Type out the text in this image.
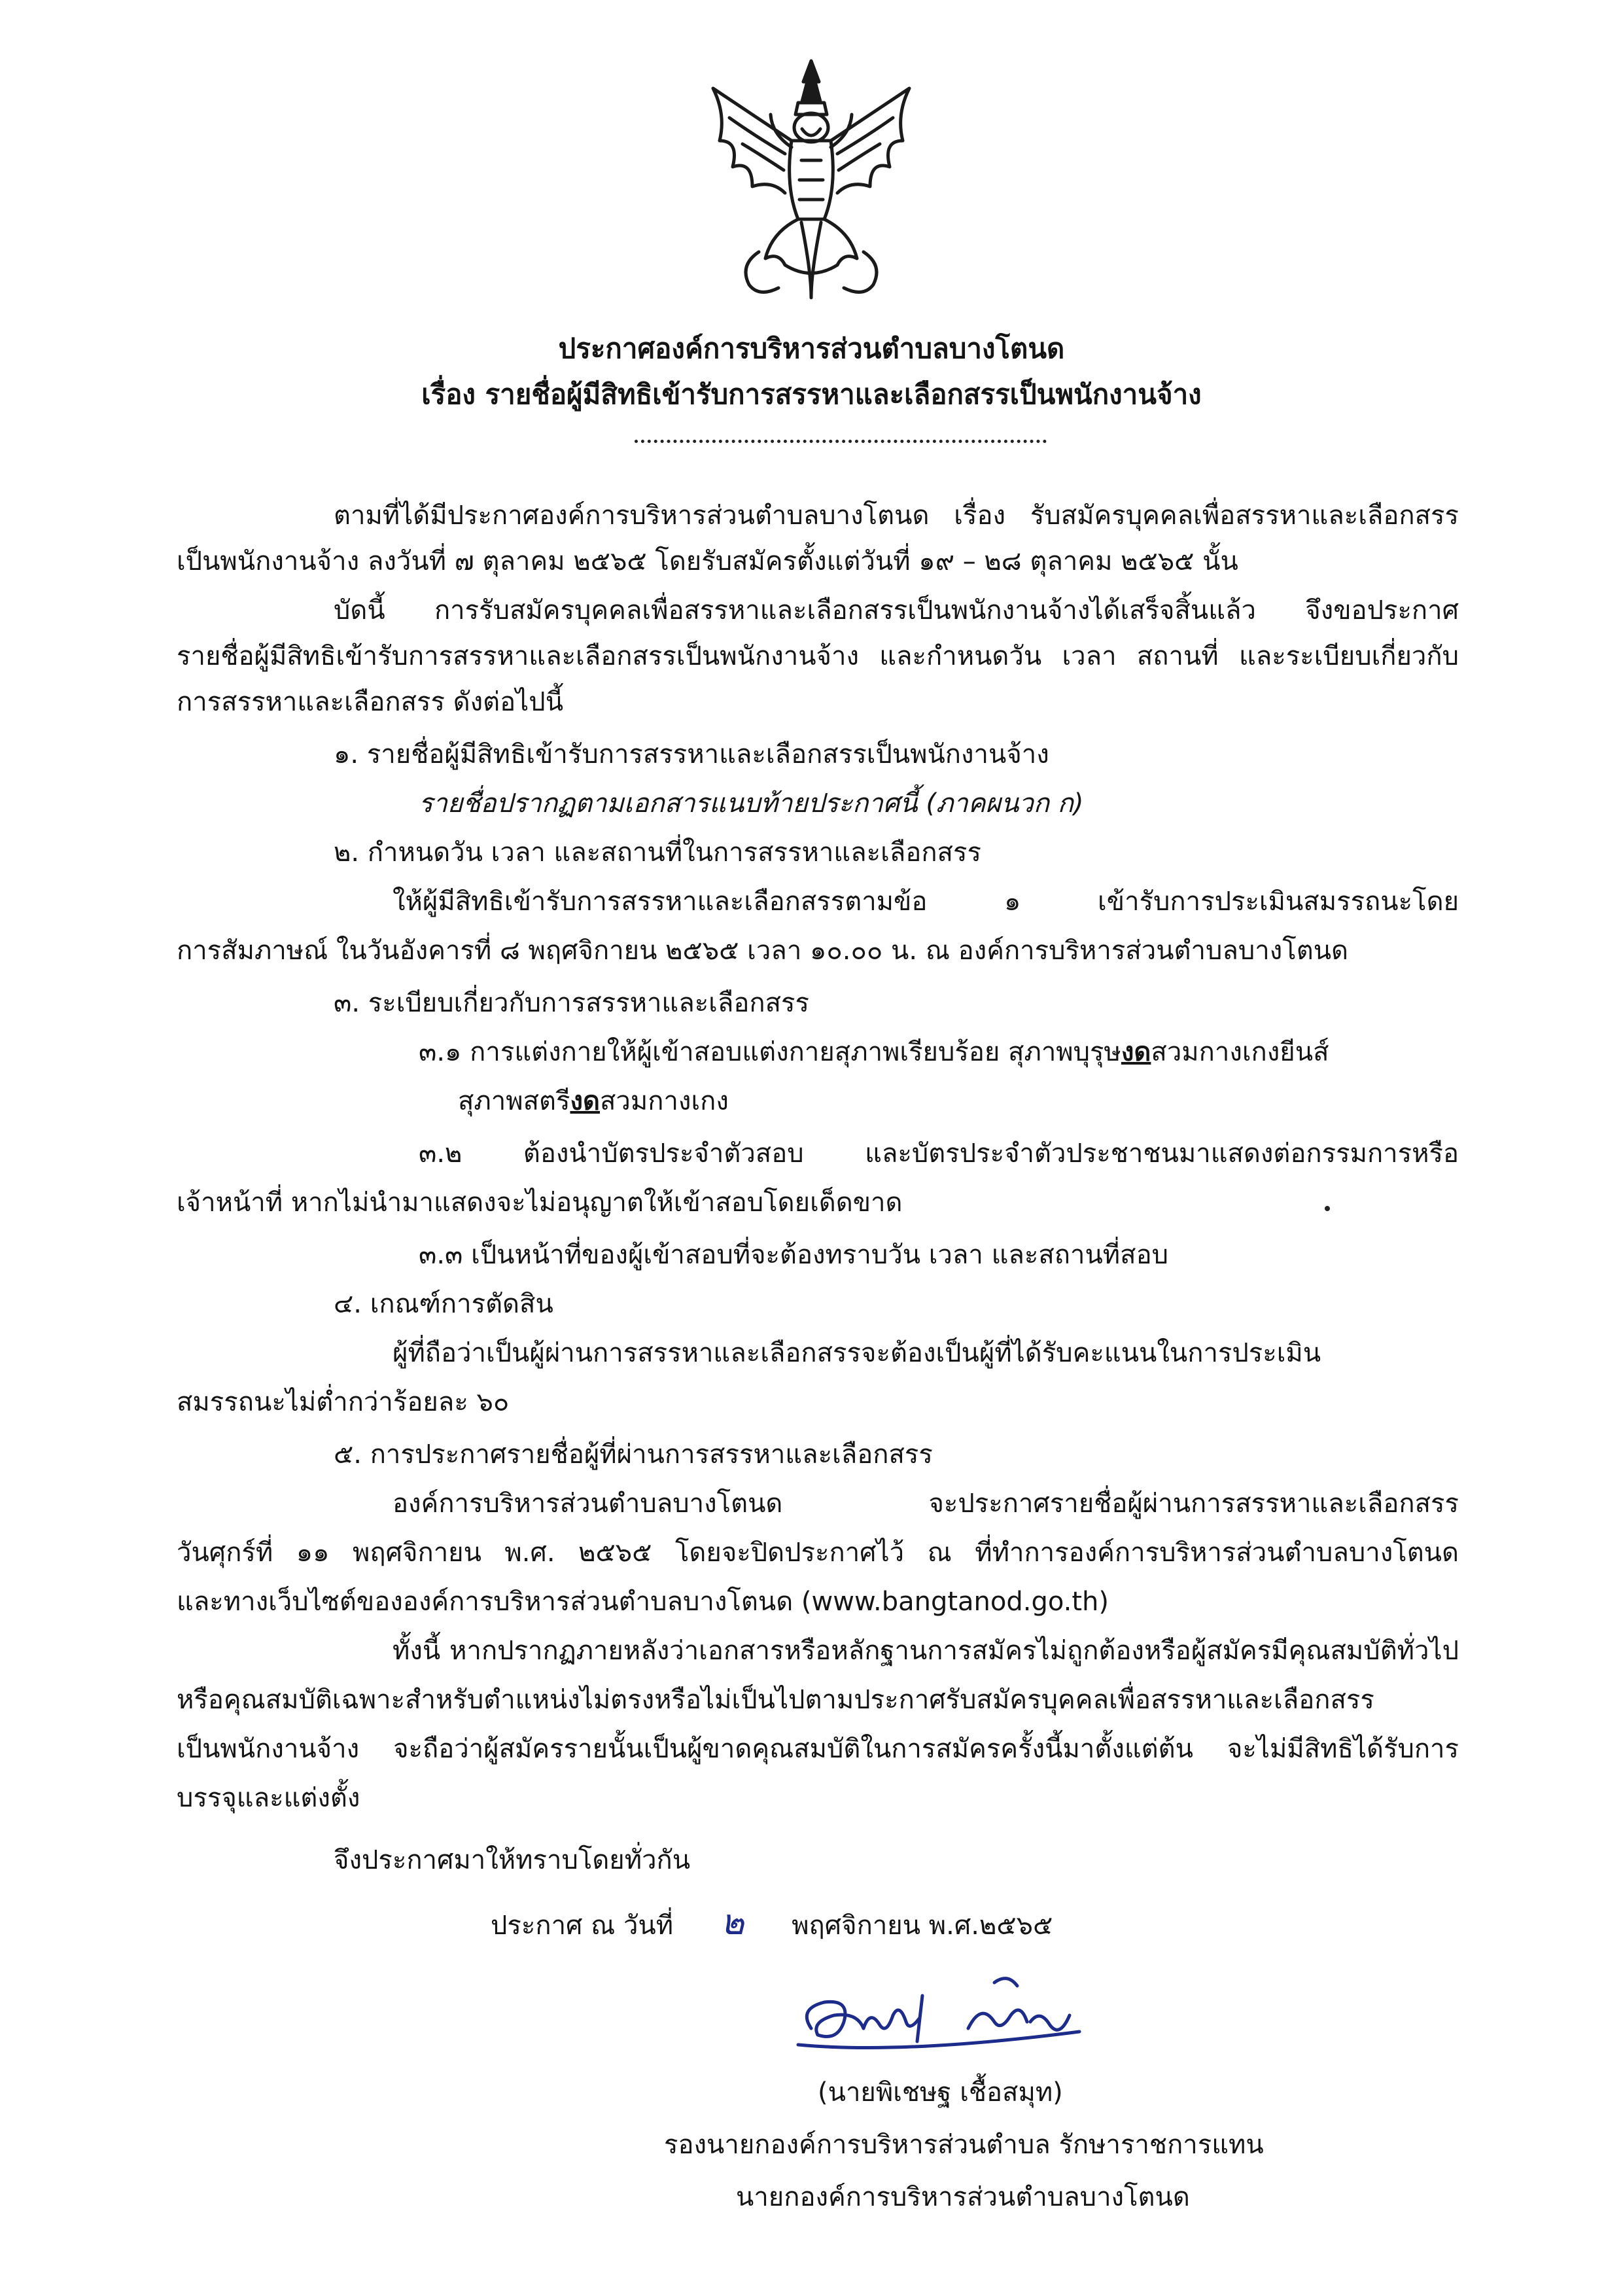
ประกาศองค์การบริหารส่วนตำบลบางโตนด
เรื่อง รายชื่อผู้มีสิทธิเข้ารับการสรรหาและเลือกสรรเป็นพนักงานจ้าง
ตามที่ได้มีประกาศองค์การบริหารส่วนตำบลบางโตนด เรื่อง รับสมัครบุคคลเพื่อสรรหาและเลือกสรร
เป็นพนักงานจ้าง ลงวันที่ ๗ ตุลาคม ๒๕๖๕ โดยรับสมัครตั้งแต่วันที่ ๑๙ – ๒๘ ตุลาคม ๒๕๖๕ นั้น
บัดนี้ การรับสมัครบุคคลเพื่อสรรหาและเลือกสรรเป็นพนักงานจ้างได้เสร็จสิ้นแล้ว จึงขอประกาศ
รายชื่อผู้มีสิทธิเข้ารับการสรรหาและเลือกสรรเป็นพนักงานจ้าง และกำหนดวัน เวลา สถานที่ และระเบียบเกี่ยวกับ
การสรรหาและเลือกสรร ดังต่อไปนี้
๑. รายชื่อผู้มีสิทธิเข้ารับการสรรหาและเลือกสรรเป็นพนักงานจ้าง
รายชื่อปรากฏตามเอกสารแนบท้ายประกาศนี้ (ภาคผนวก ก)
๒. กำหนดวัน เวลา และสถานที่ในการสรรหาและเลือกสรร
ให้ผู้มีสิทธิเข้ารับการสรรหาและเลือกสรรตามข้อ ๑ เข้ารับการประเมินสมรรถนะโดย
การสัมภาษณ์ ในวันอังคารที่ ๘ พฤศจิกายน ๒๕๖๕ เวลา ๑๐.๐๐ น. ณ องค์การบริหารส่วนตำบลบางโตนด
๓. ระเบียบเกี่ยวกับการสรรหาและเลือกสรร
๓.๑ การแต่งกายให้ผู้เข้าสอบแต่งกายสุภาพเรียบร้อย สุภาพบุรุษงดสวมกางเกงยีนส์
สุภาพสตรีงดสวมกางเกง
๓.๒ ต้องนำบัตรประจำตัวสอบ และบัตรประจำตัวประชาชนมาแสดงต่อกรรมการหรือ
เจ้าหน้าที่ หากไม่นำมาแสดงจะไม่อนุญาตให้เข้าสอบโดยเด็ดขาด
๓.๓ เป็นหน้าที่ของผู้เข้าสอบที่จะต้องทราบวัน เวลา และสถานที่สอบ
๔. เกณฑ์การตัดสิน
ผู้ที่ถือว่าเป็นผู้ผ่านการสรรหาและเลือกสรรจะต้องเป็นผู้ที่ได้รับคะแนนในการประเมิน
สมรรถนะไม่ต่ำกว่าร้อยละ ๖๐
๕. การประกาศรายชื่อผู้ที่ผ่านการสรรหาและเลือกสรร
องค์การบริหารส่วนตำบลบางโตนด จะประกาศรายชื่อผู้ผ่านการสรรหาและเลือกสรร
วันศุกร์ที่ ๑๑ พฤศจิกายน พ.ศ. ๒๕๖๕ โดยจะปิดประกาศไว้ ณ ที่ทำการองค์การบริหารส่วนตำบลบางโตนด
และทางเว็บไซต์ขององค์การบริหารส่วนตำบลบางโตนด (www.bangtanod.go.th)
ทั้งนี้ หากปรากฏภายหลังว่าเอกสารหรือหลักฐานการสมัครไม่ถูกต้องหรือผู้สมัครมีคุณสมบัติทั่วไป
หรือคุณสมบัติเฉพาะสำหรับตำแหน่งไม่ตรงหรือไม่เป็นไปตามประกาศรับสมัครบุคคลเพื่อสรรหาและเลือกสรร
เป็นพนักงานจ้าง จะถือว่าผู้สมัครรายนั้นเป็นผู้ขาดคุณสมบัติในการสมัครครั้งนี้มาตั้งแต่ต้น จะไม่มีสิทธิได้รับการ
บรรจุและแต่งตั้ง
จึงประกาศมาให้ทราบโดยทั่วกัน
ประกาศ ณ วันที่ ๒ พฤศจิกายน พ.ศ.๒๕๖๕
(นายพิเชษฐ เชื้อสมุท)
รองนายกองค์การบริหารส่วนตำบล รักษาราชการแทน
นายกองค์การบริหารส่วนตำบลบางโตนด
